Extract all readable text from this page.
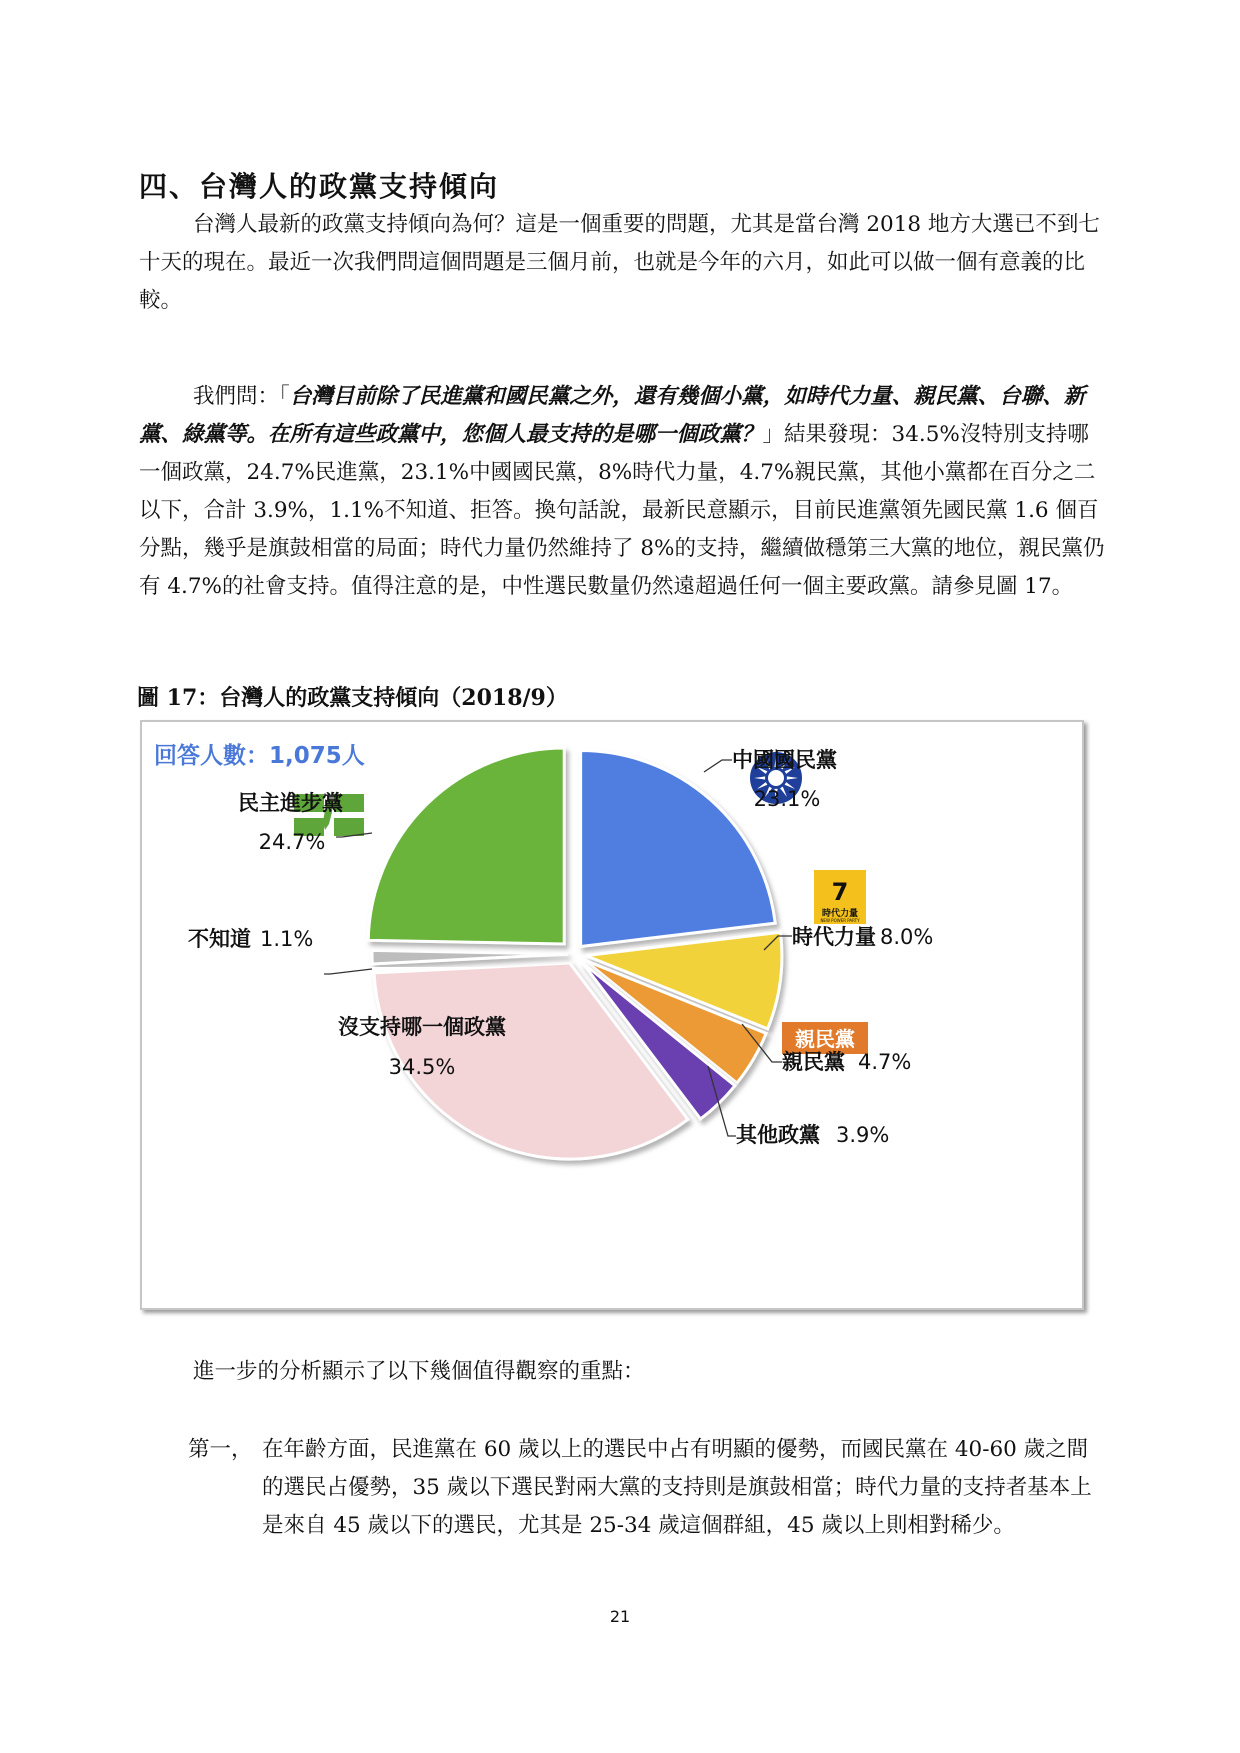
四、台灣人的政黨支持傾向
台灣人最新的政黨支持傾向為何？這是一個重要的問題，尤其是當台灣 2018 地方大選已不到七十天的現在。最近一次我們問這個問題是三個月前，也就是今年的六月，如此可以做一個有意義的比較。
我們問：「台灣目前除了民進黨和國民黨之外，還有幾個小黨，如時代力量、親民黨、台聯、新黨、綠黨等。在所有這些政黨中，您個人最支持的是哪一個政黨？」結果發現：34.5%沒特別支持哪一個政黨，24.7%民進黨，23.1%中國國民黨，8%時代力量，4.7%親民黨，其他小黨都在百分之二以下，合計 3.9%，1.1%不知道、拒答。換句話說，最新民意顯示，目前民進黨領先國民黨 1.6 個百分點，幾乎是旗鼓相當的局面；時代力量仍然維持了 8%的支持，繼續做穩第三大黨的地位，親民黨仍有 4.7%的社會支持。值得注意的是，中性選民數量仍然遠超過任何一個主要政黨。請參見圖 17。
圖 17：台灣人的政黨支持傾向（2018/9）
回答人數：1,075人
7
時代力量
NEW POWER PARTY
親民黨
中國國民黨
23.1%
時代力量 8.0%
親民黨 4.7%
其他政黨 3.9%
沒支持哪一個政黨
34.5%
不知道 1.1%
民主進步黨
24.7%
進一步的分析顯示了以下幾個值得觀察的重點：
第一， 在年齡方面，民進黨在 60 歲以上的選民中占有明顯的優勢，而國民黨在 40-60 歲之間的選民占優勢，35 歲以下選民對兩大黨的支持則是旗鼓相當；時代力量的支持者基本上是來自 45 歲以下的選民，尤其是 25-34 歲這個群組，45 歲以上則相對稀少。
21
